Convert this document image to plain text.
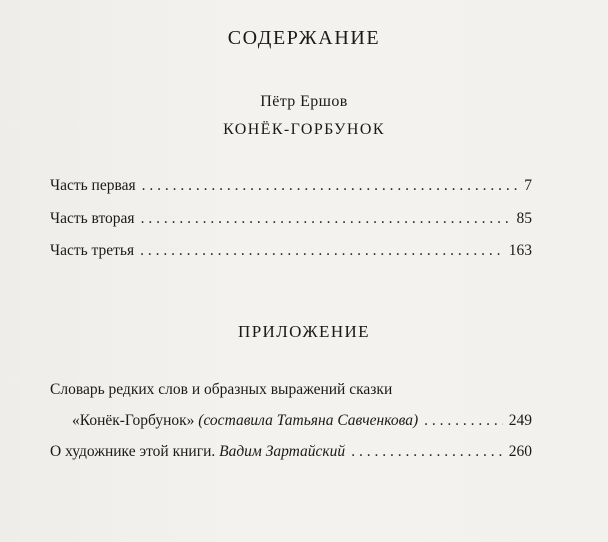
СОДЕРЖАНИЕ
Пётр Ершов
КОНЁК-ГОРБУНОК
Часть первая . . .	7
Часть вторая . . .	85
Часть третья . . .	163
ПРИЛОЖЕНИЕ
Словарь редких слов и образных выражений сказки
«Конёк-Горбунок» (составила Татьяна Савченкова) . . .	249
О художнике этой книги. Вадим Зартайский . . .	260
